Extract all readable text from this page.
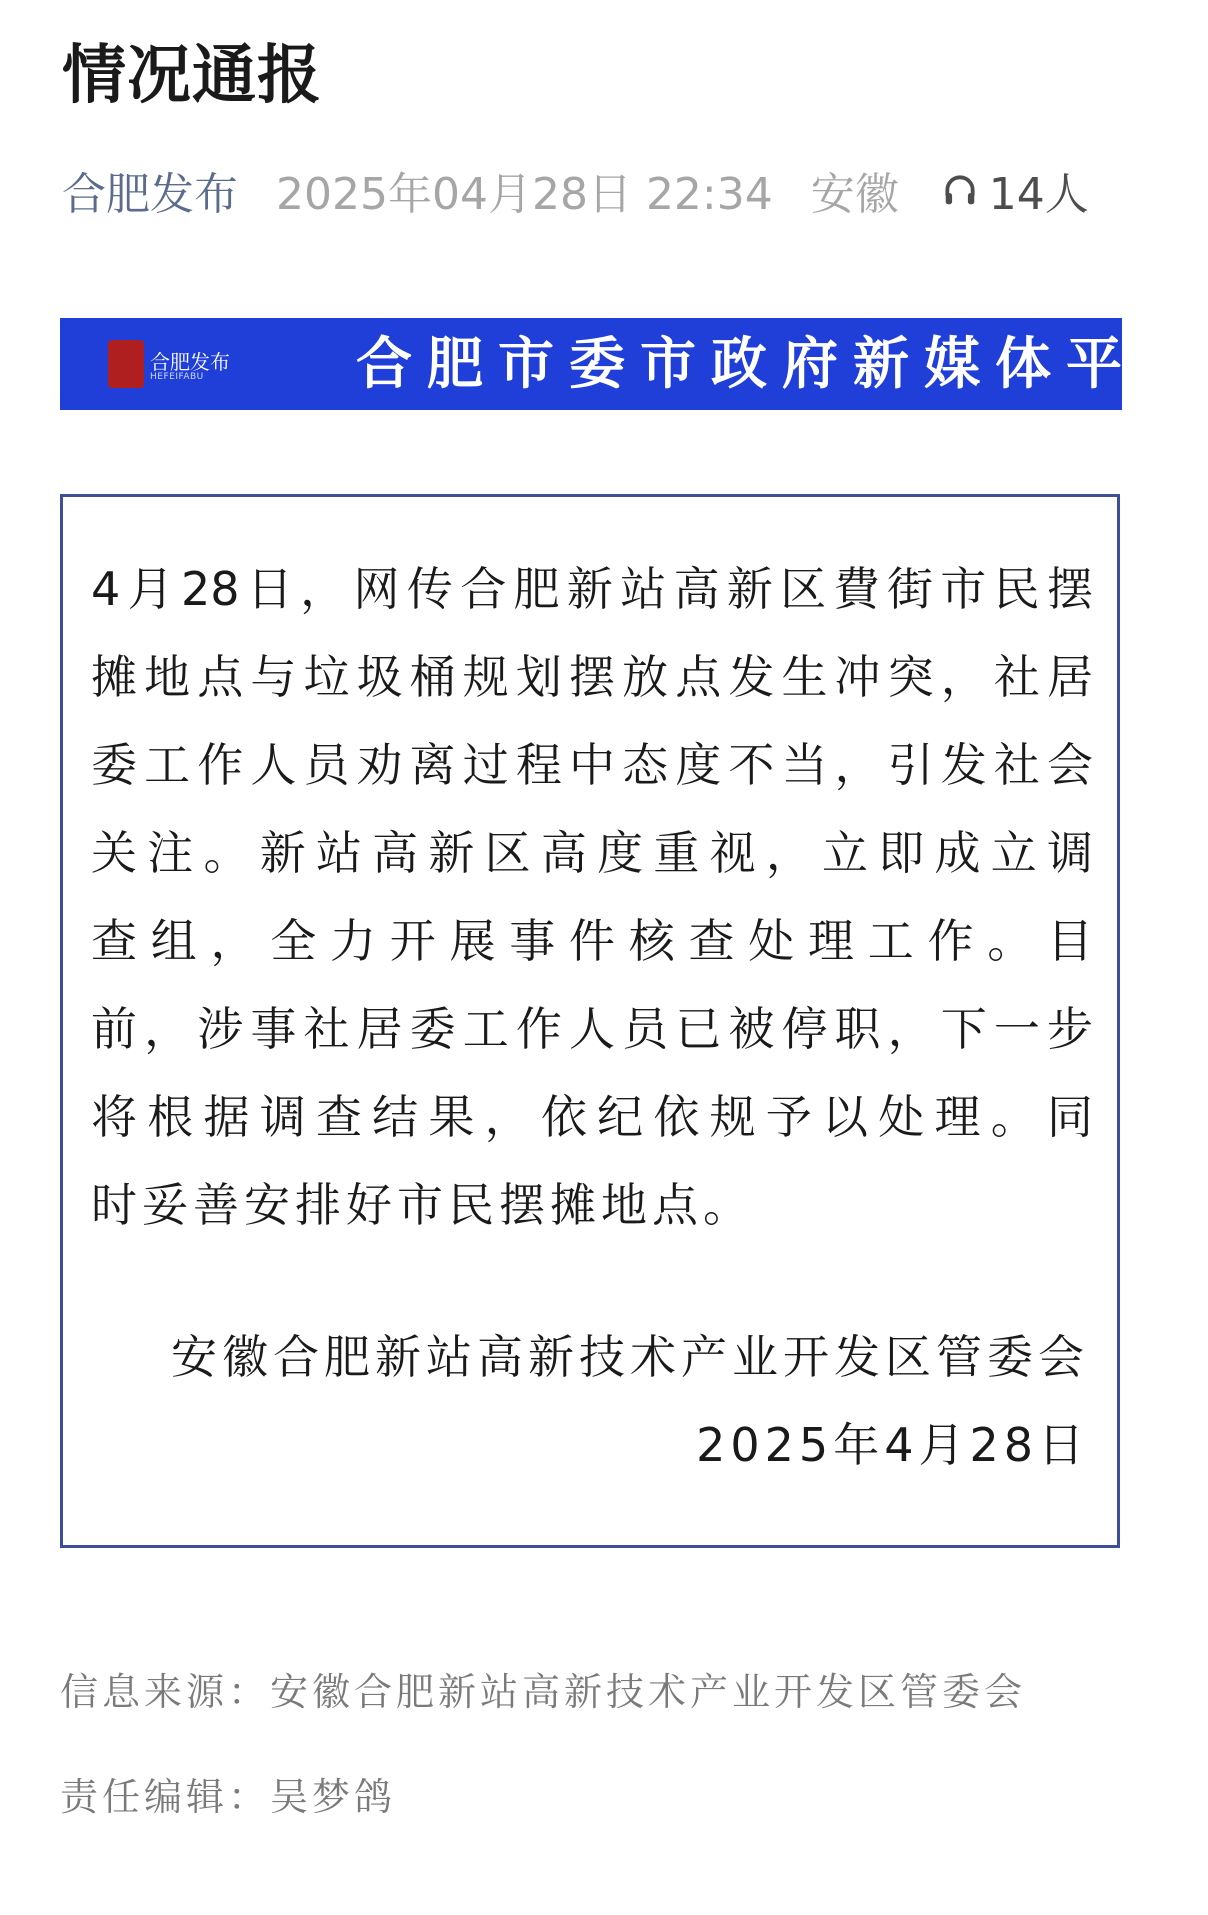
情况通报
合肥发布 2025年04月28日 22:34 安徽 14人
合肥发布
HEFEIFABU	合肥市委市政府新媒体平台
4月28日，网传合肥新站高新区費街市民摆
摊地点与垃圾桶规划摆放点发生冲突，社居
委工作人员劝离过程中态度不当，引发社会
关注。新站高新区高度重视，立即成立调
查组，全力开展事件核查处理工作。目
前，涉事社居委工作人员已被停职，下一步
将根据调查结果，依纪依规予以处理。同
时妥善安排好市民摆摊地点。
安徽合肥新站高新技术产业开发区管委会
2025年4月28日
信息来源：安徽合肥新站高新技术产业开发区管委会
责任编辑：吴梦鸽
